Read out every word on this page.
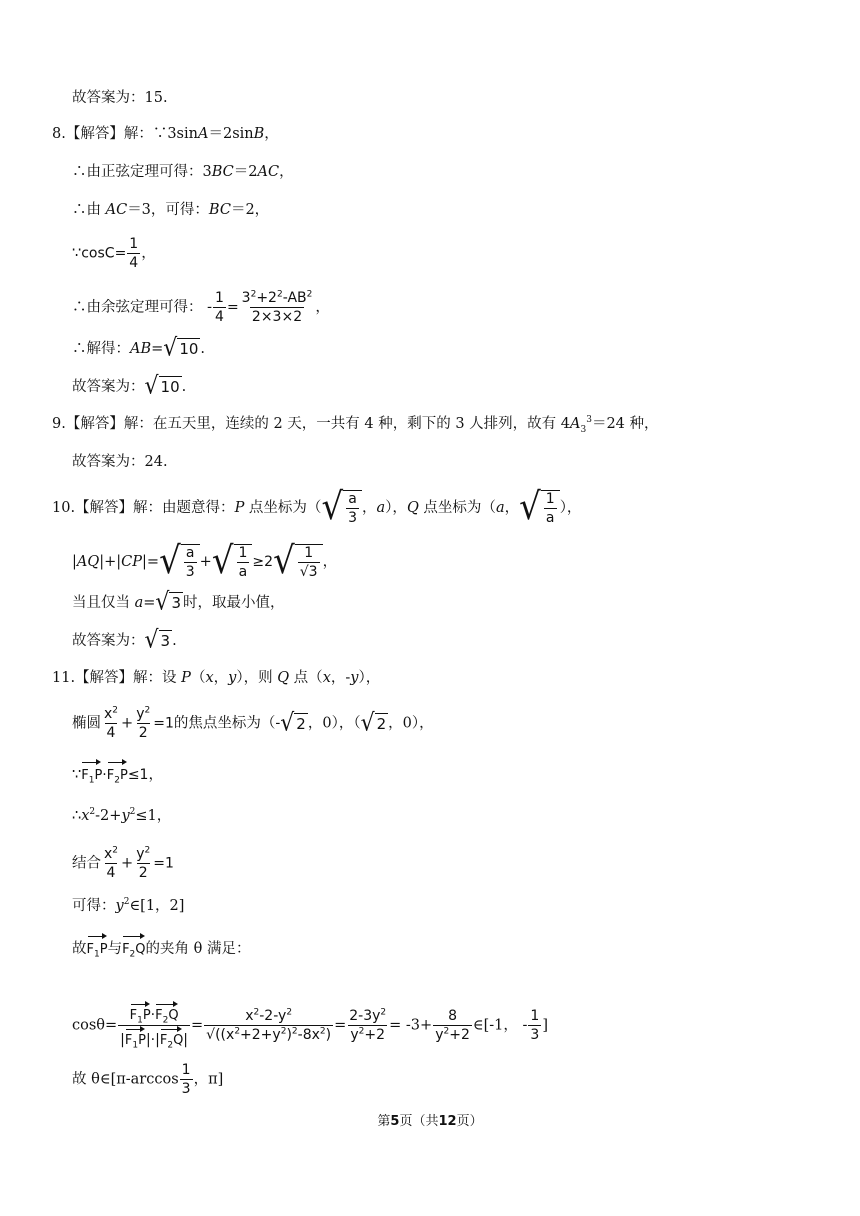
故答案为：15.
8.【解答】解：∵3sinA＝2sinB，
∴由正弦定理可得：3BC＝2AC，
∴由 AC＝3，可得：BC＝2，
∵cosC= $\frac{1}{4}$ ，
∴由余弦定理可得： - $\frac{1}{4} = \frac{3^2+2^2-AB^2}{2\times 3\times 2}$ ，
∴解得：AB= √ 10 .
故答案为： √ 10 .
9.【解答】解：在五天里，连续的 2 天，一共有 4 种，剩下的 3 人排列，故有 $4A_3^3=24$ 种，
故答案为：24.
10.【解答】解：由题意得：P 点坐标为（ √ $\frac{a}{3}$ ，a），Q 点坐标为（a， √ $\frac{1}{a}$ ），
|AQ|+|CP|= √ $\frac{a}{3}$ + √ $\frac{1}{a} \ge 2$ √ $\frac{1}{√3}$ ，
当且仅当 a= √ 3 时，取最小值，
故答案为： √ 3 .
11.【解答】解：设 P（x，y），则 Q 点（x，-y），
椭圆 $\frac{x^2}{4} + \frac{y^2}{2} =1$的焦点坐标为（- √ 2 ，0），（ √ 2 ，0），
$\because F_1P\cdot F_2P\le 1$，
$\therefore x^2-2+y^2\le 1$，
结合 $\frac{x^2}{4} + \frac{y^2}{2} =1$
可得：$y^2\in[1$，2]
故$F_1P$与$F_2Q$的夹角 θ 满足：
$\cos\theta= \frac{F_1P\cdot F_2Q}{|F_1P|\cdot|F_2Q|} = \frac{x^2-2-y^2}{√((x^2+2+y^2)^2-8x^2)} = \frac{2-3y^2}{y^2+2} = -3+ \frac{8}{y^2+2}$ ∈[-1， - $\frac{1}{3}$ ]
故 θ∈[π-arccos $\frac{1}{3}$ ，π]
第5页（共12页）
